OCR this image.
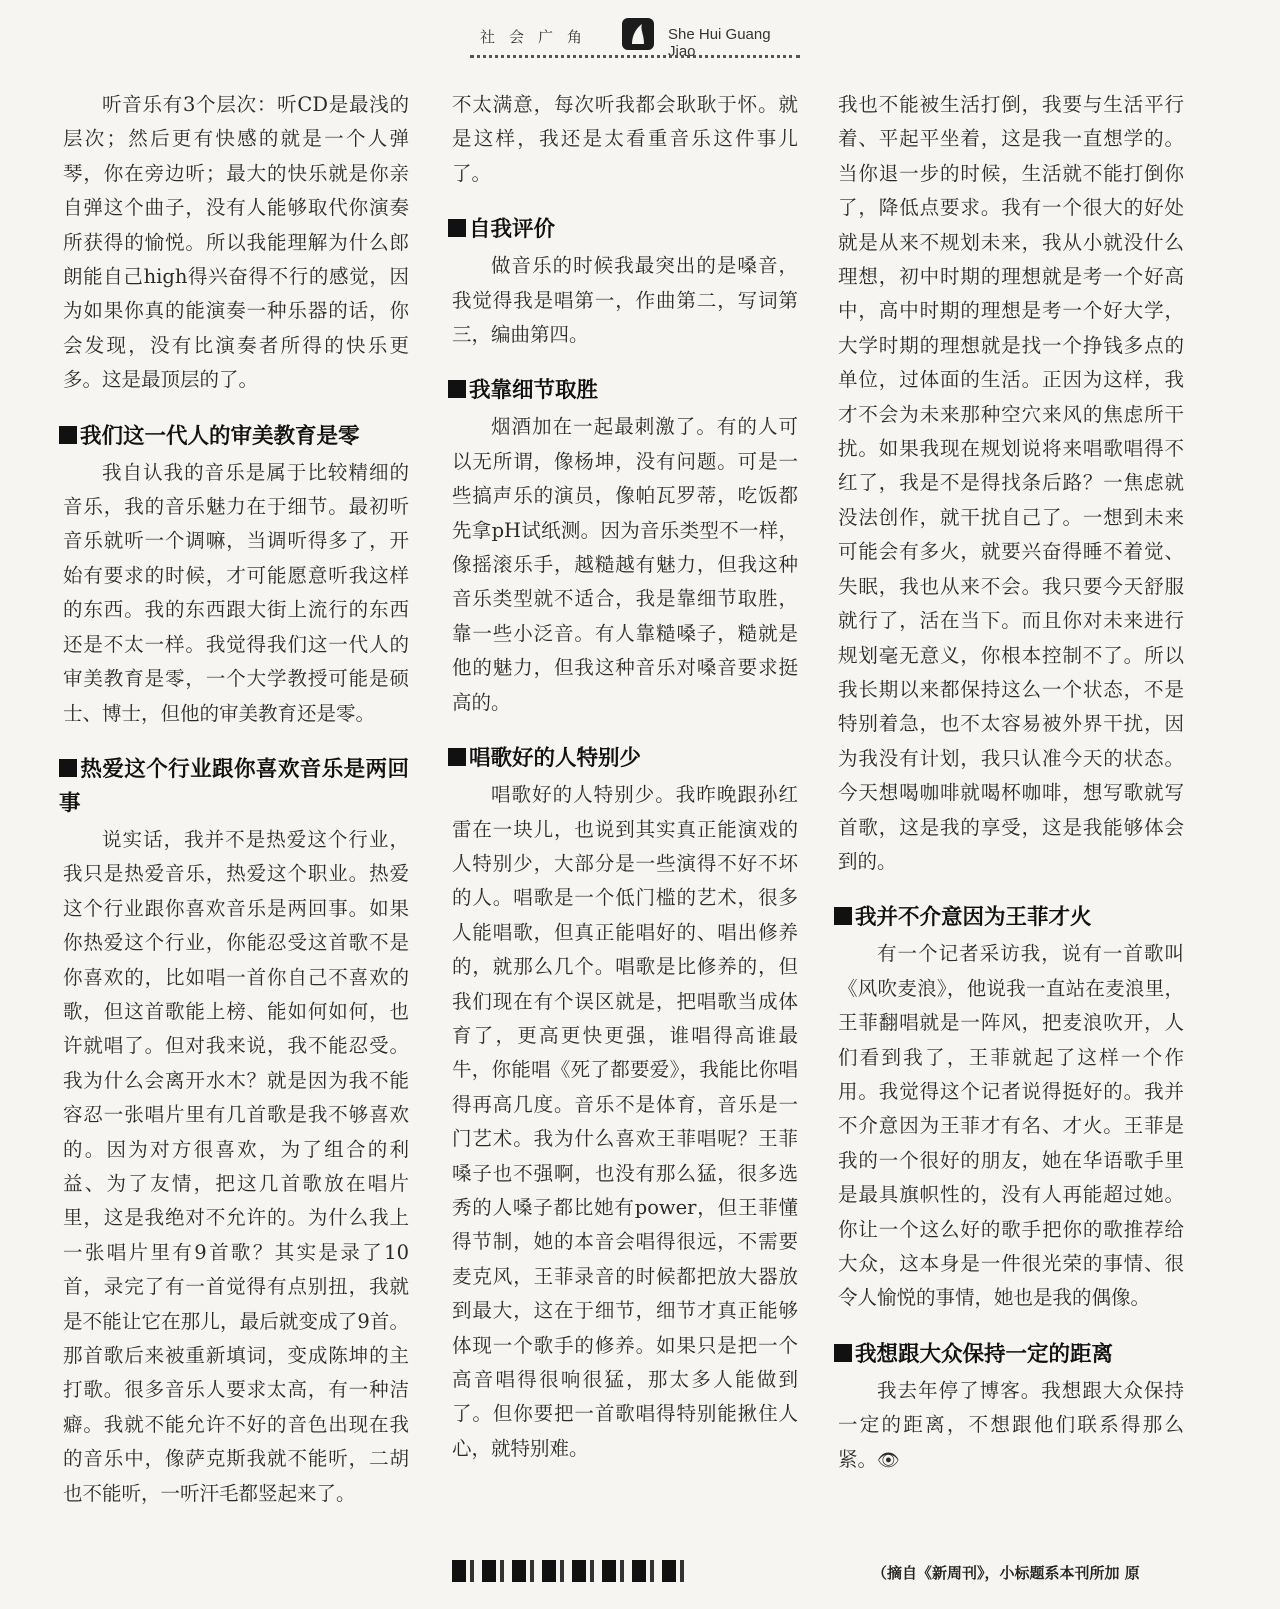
社会广角	She Hui Guang Jiao

听音乐有3个层次：听CD是最浅的层次；然后更有快感的就是一个人弹琴，你在旁边听；最大的快乐就是你亲自弹这个曲子，没有人能够取代你演奏所获得的愉悦。所以我能理解为什么郎朗能自己high得兴奋得不行的感觉，因为如果你真的能演奏一种乐器的话，你会发现，没有比演奏者所得的快乐更多。这是最顶层的了。

我们这一代人的审美教育是零

我自认我的音乐是属于比较精细的音乐，我的音乐魅力在于细节。最初听音乐就听一个调嘛，当调听得多了，开始有要求的时候，才可能愿意听我这样的东西。我的东西跟大街上流行的东西还是不太一样。我觉得我们这一代人的审美教育是零，一个大学教授可能是硕士、博士，但他的审美教育还是零。

热爱这个行业跟你喜欢音乐是两回事

说实话，我并不是热爱这个行业，我只是热爱音乐，热爱这个职业。热爱这个行业跟你喜欢音乐是两回事。如果你热爱这个行业，你能忍受这首歌不是你喜欢的，比如唱一首你自己不喜欢的歌，但这首歌能上榜、能如何如何，也许就唱了。但对我来说，我不能忍受。我为什么会离开水木？就是因为我不能容忍一张唱片里有几首歌是我不够喜欢的。因为对方很喜欢，为了组合的利益、为了友情，把这几首歌放在唱片里，这是我绝对不允许的。为什么我上一张唱片里有9首歌？其实是录了10首，录完了有一首觉得有点别扭，我就是不能让它在那儿，最后就变成了9首。那首歌后来被重新填词，变成陈坤的主打歌。很多音乐人要求太高，有一种洁癖。我就不能允许不好的音色出现在我的音乐中，像萨克斯我就不能听，二胡也不能听，一听汗毛都竖起来了。

不太满意，每次听我都会耿耿于怀。就是这样，我还是太看重音乐这件事儿了。

自我评价

做音乐的时候我最突出的是嗓音，我觉得我是唱第一，作曲第二，写词第三，编曲第四。

我靠细节取胜

烟酒加在一起最刺激了。有的人可以无所谓，像杨坤，没有问题。可是一些搞声乐的演员，像帕瓦罗蒂，吃饭都先拿pH试纸测。因为音乐类型不一样，像摇滚乐手，越糙越有魅力，但我这种音乐类型就不适合，我是靠细节取胜，靠一些小泛音。有人靠糙嗓子，糙就是他的魅力，但我这种音乐对嗓音要求挺高的。

唱歌好的人特别少

唱歌好的人特别少。我昨晚跟孙红雷在一块儿，也说到其实真正能演戏的人特别少，大部分是一些演得不好不坏的人。唱歌是一个低门槛的艺术，很多人能唱歌，但真正能唱好的、唱出修养的，就那么几个。唱歌是比修养的，但我们现在有个误区就是，把唱歌当成体育了，更高更快更强，谁唱得高谁最牛，你能唱《死了都要爱》，我能比你唱得再高几度。音乐不是体育，音乐是一门艺术。我为什么喜欢王菲唱呢？王菲嗓子也不强啊，也没有那么猛，很多选秀的人嗓子都比她有power，但王菲懂得节制，她的本音会唱得很远，不需要麦克风，王菲录音的时候都把放大器放到最大，这在于细节，细节才真正能够体现一个歌手的修养。如果只是把一个高音唱得很响很猛，那太多人能做到了。但你要把一首歌唱得特别能揪住人心，就特别难。

我也不能被生活打倒，我要与生活平行着、平起平坐着，这是我一直想学的。当你退一步的时候，生活就不能打倒你了，降低点要求。我有一个很大的好处就是从来不规划未来，我从小就没什么理想，初中时期的理想就是考一个好高中，高中时期的理想是考一个好大学，大学时期的理想就是找一个挣钱多点的单位，过体面的生活。正因为这样，我才不会为未来那种空穴来风的焦虑所干扰。如果我现在规划说将来唱歌唱得不红了，我是不是得找条后路？一焦虑就没法创作，就干扰自己了。一想到未来可能会有多火，就要兴奋得睡不着觉、失眠，我也从来不会。我只要今天舒服就行了，活在当下。而且你对未来进行规划毫无意义，你根本控制不了。所以我长期以来都保持这么一个状态，不是特别着急，也不太容易被外界干扰，因为我没有计划，我只认准今天的状态。今天想喝咖啡就喝杯咖啡，想写歌就写首歌，这是我的享受，这是我能够体会到的。

我并不介意因为王菲才火

有一个记者采访我，说有一首歌叫《风吹麦浪》，他说我一直站在麦浪里，王菲翻唱就是一阵风，把麦浪吹开，人们看到我了，王菲就起了这样一个作用。我觉得这个记者说得挺好的。我并不介意因为王菲才有名、才火。王菲是我的一个很好的朋友，她在华语歌手里是最具旗帜性的，没有人再能超过她。你让一个这么好的歌手把你的歌推荐给大众，这本身是一件很光荣的事情、很令人愉悦的事情，她也是我的偶像。

我想跟大众保持一定的距离

我去年停了博客。我想跟大众保持一定的距离，不想跟他们联系得那么紧。👁

（摘自《新周刊》，小标题系本刊所加 原
